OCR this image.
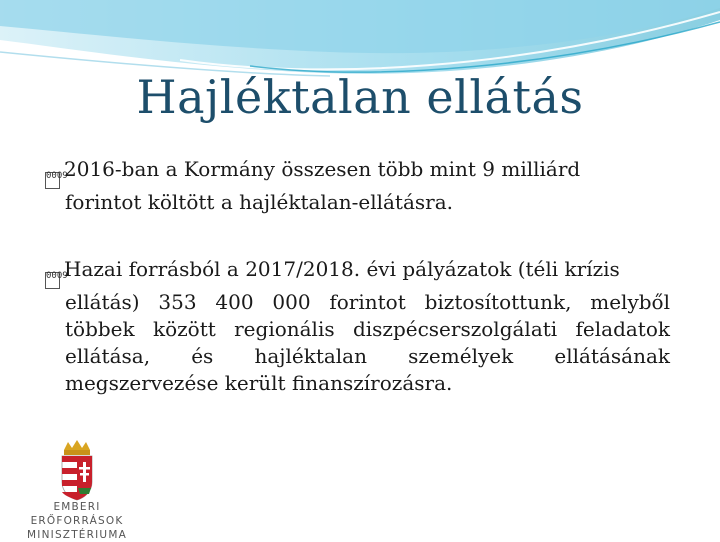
Hajléktalan ellátás
00092016-ban a Kormány összesen több mint 9 milliárd
forintot költött a hajléktalan-ellátásra.
0009Hazai forrásból a 2017/2018. évi pályázatok (téli krízis
ellátás) 353 400 000 forintot biztosítottunk, melyből többek között regionális diszpécserszolgálati feladatok ellátása, és hajléktalan személyek ellátásának megszervezése került finanszírozásra.
EMBERI ERŐFORRÁSOK
MINISZTÉRIUMA
